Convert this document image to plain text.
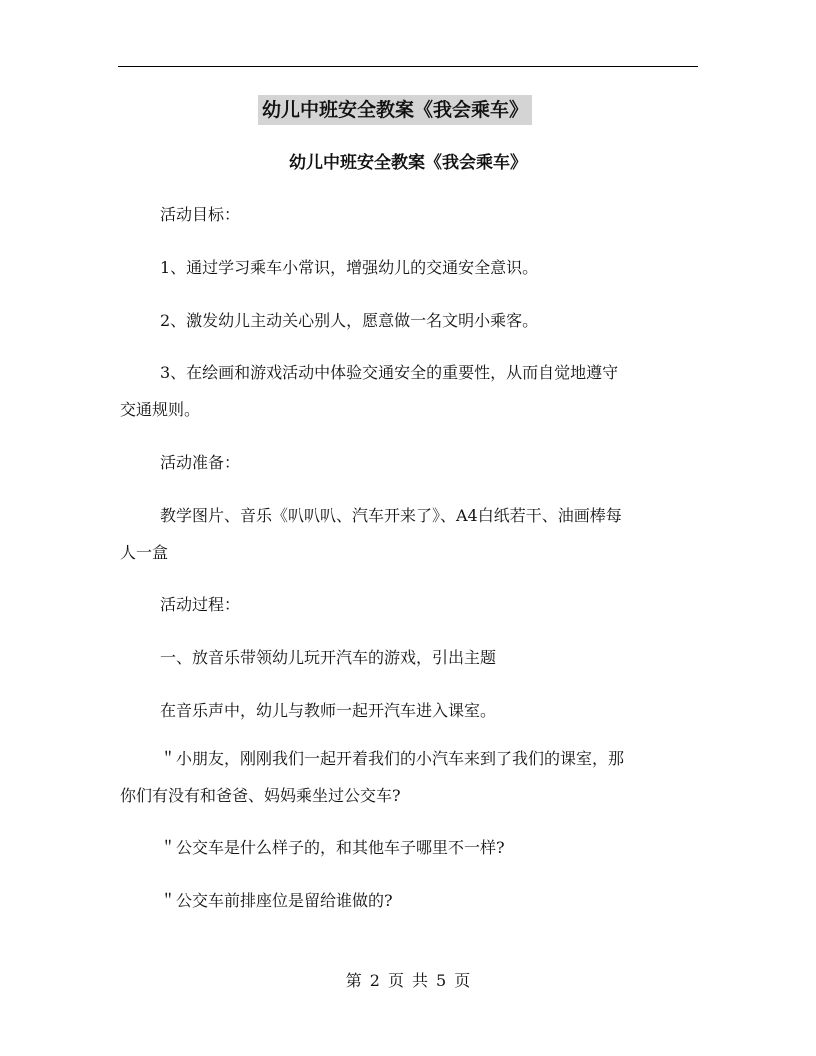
幼儿中班安全教案《我会乘车》
幼儿中班安全教案《我会乘车》
活动目标：
1、通过学习乘车小常识，增强幼儿的交通安全意识。
2、激发幼儿主动关心别人，愿意做一名文明小乘客。
3、在绘画和游戏活动中体验交通安全的重要性，从而自觉地遵守
交通规则。
活动准备：
教学图片、音乐《叭叭叭、汽车开来了》、A4白纸若干、油画棒每
人一盒
活动过程：
一、放音乐带领幼儿玩开汽车的游戏，引出主题
在音乐声中，幼儿与教师一起开汽车进入课室。
＂小朋友，刚刚我们一起开着我们的小汽车来到了我们的课室，那
你们有没有和爸爸、妈妈乘坐过公交车?
＂公交车是什么样子的，和其他车子哪里不一样?
＂公交车前排座位是留给谁做的?
第 2 页 共 5 页
